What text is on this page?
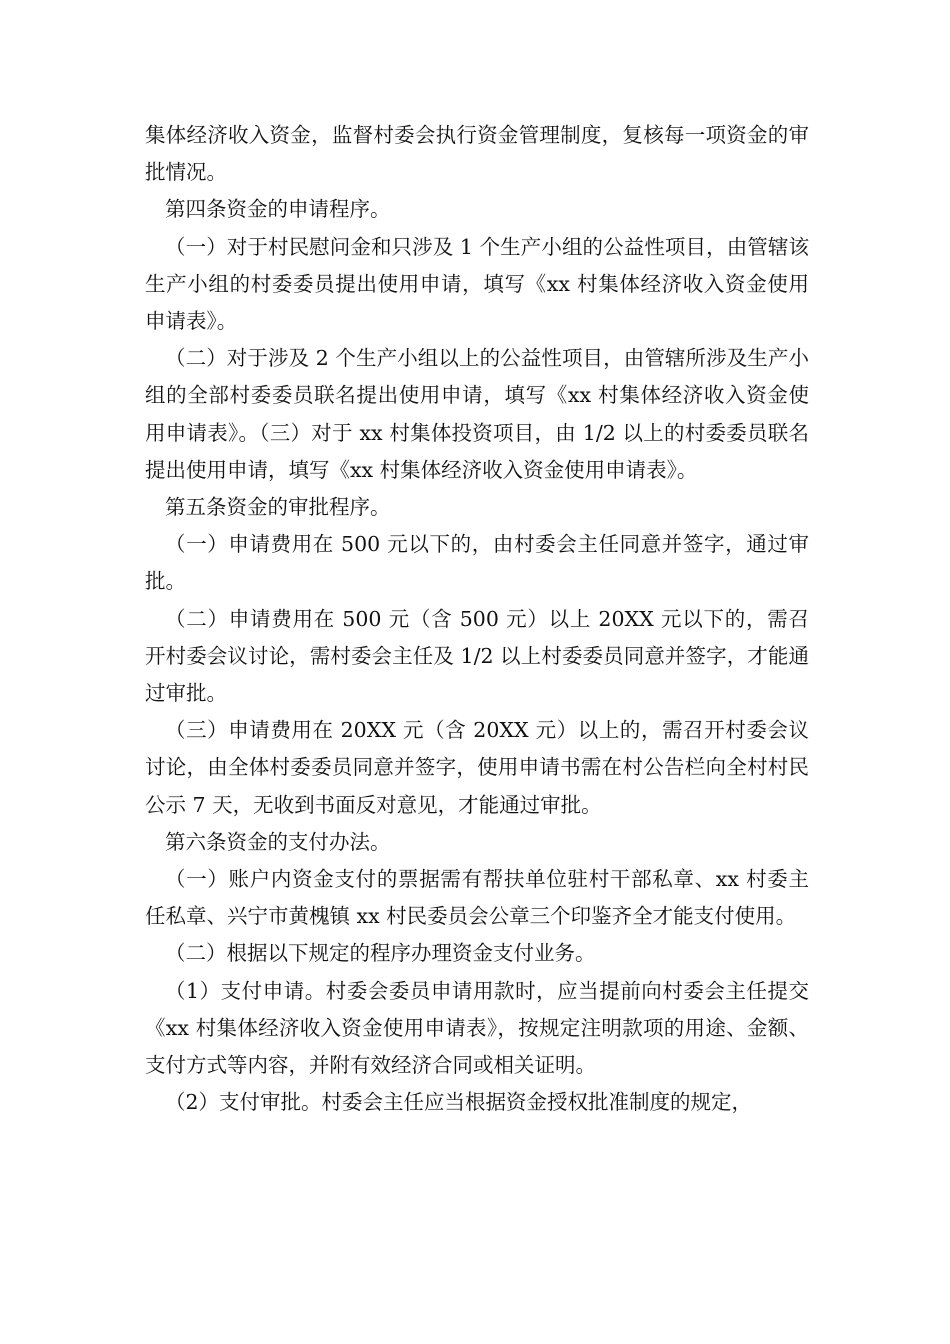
集体经济收入资金，监督村委会执行资金管理制度，复核每一项资金的审批情况。

第四条资金的申请程序。

（一）对于村民慰问金和只涉及 1 个生产小组的公益性项目，由管辖该生产小组的村委委员提出使用申请，填写《xx 村集体经济收入资金使用申请表》。

（二）对于涉及 2 个生产小组以上的公益性项目，由管辖所涉及生产小组的全部村委委员联名提出使用申请，填写《xx 村集体经济收入资金使用申请表》。（三）对于 xx 村集体投资项目，由 1/2 以上的村委委员联名提出使用申请，填写《xx 村集体经济收入资金使用申请表》。

第五条资金的审批程序。

（一）申请费用在 500 元以下的，由村委会主任同意并签字，通过审批。

（二）申请费用在 500 元（含 500 元）以上 20XX 元以下的，需召开村委会议讨论，需村委会主任及 1/2 以上村委委员同意并签字，才能通过审批。

（三）申请费用在 20XX 元（含 20XX 元）以上的，需召开村委会议讨论，由全体村委委员同意并签字，使用申请书需在村公告栏向全村村民公示 7 天，无收到书面反对意见，才能通过审批。

第六条资金的支付办法。

（一）账户内资金支付的票据需有帮扶单位驻村干部私章、xx 村委主任私章、兴宁市黄槐镇 xx 村民委员会公章三个印鉴齐全才能支付使用。

（二）根据以下规定的程序办理资金支付业务。

（1）支付申请。村委会委员申请用款时，应当提前向村委会主任提交《xx 村集体经济收入资金使用申请表》，按规定注明款项的用途、金额、支付方式等内容，并附有效经济合同或相关证明。

（2）支付审批。村委会主任应当根据资金授权批准制度的规定，
